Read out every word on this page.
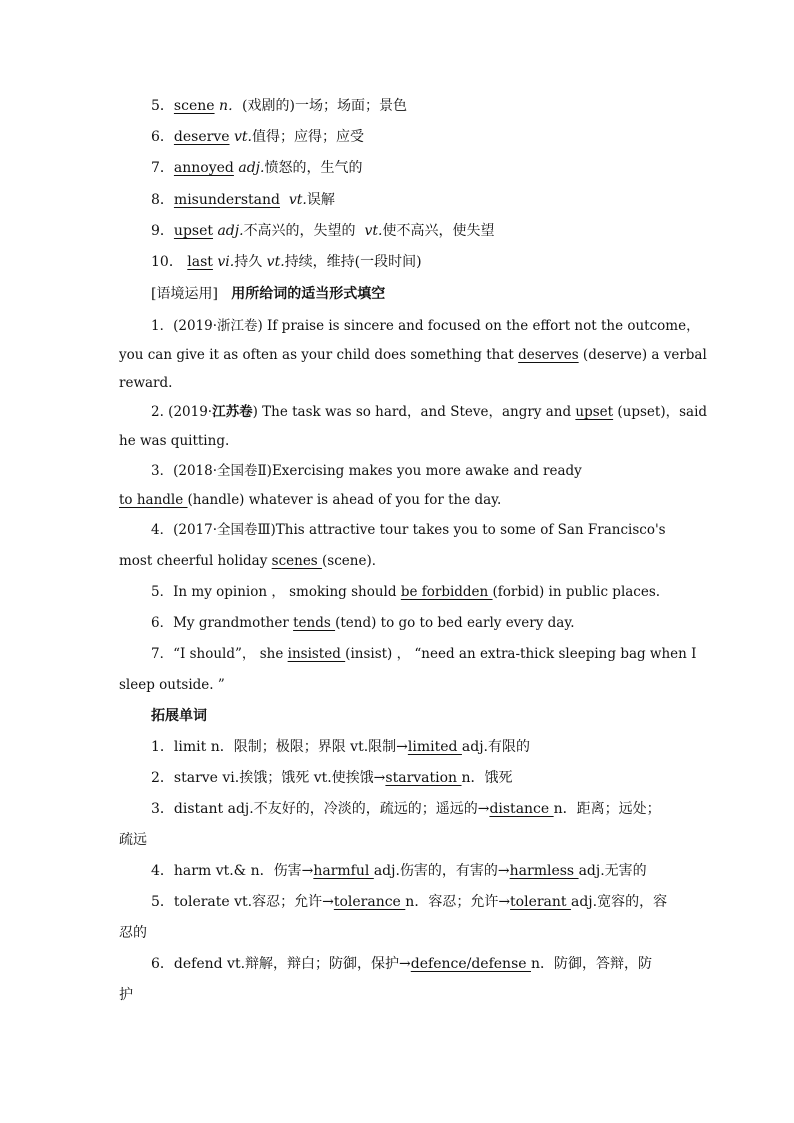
5．scene n．(戏剧的)一场；场面；景色
6．deserve vt.值得；应得；应受
7．annoyed adj.愤怒的，生气的
8．misunderstand vt.误解
9．upset adj.不高兴的，失望的 vt.使不高兴，使失望
10． last vi.持久 vt.持续，维持(一段时间)
[语境运用] 用所给词的适当形式填空
1．(2019·浙江卷) If praise is sincere and focused on the effort not the outcome，
you can give it as often as your child does something that deserves (deserve) a verbal
reward.
2. (2019·江苏卷) The task was so hard，and Steve，angry and upset (upset)，said
he was quitting.
3．(2018·全国卷Ⅱ)Exercising makes you more awake and ready
to handle (handle) whatever is ahead of you for the day.
4．(2017·全国卷Ⅲ)This attractive tour takes you to some of San Francisco's
most cheerful holiday scenes (scene)．
5．In my opinion ， smoking should be forbidden (forbid) in public places.
6．My grandmother tends (tend) to go to bed early every day.
7．“I should”， she insisted (insist) ， “need an extra-thick sleeping bag when I
sleep outside. ”
拓展单词
1．limit n．限制；极限；界限 vt.限制→limited adj.有限的
2．starve vi.挨饿；饿死 vt.使挨饿→starvation n．饿死
3．distant adj.不友好的，冷淡的，疏远的；遥远的→distance n．距离；远处；
疏远
4．harm vt.& n．伤害→harmful adj.伤害的，有害的→harmless adj.无害的
5．tolerate vt.容忍；允许→tolerance n．容忍；允许→tolerant adj.宽容的，容
忍的
6．defend vt.辩解，辩白；防御，保护→defence/defense n．防御，答辩，防
护
